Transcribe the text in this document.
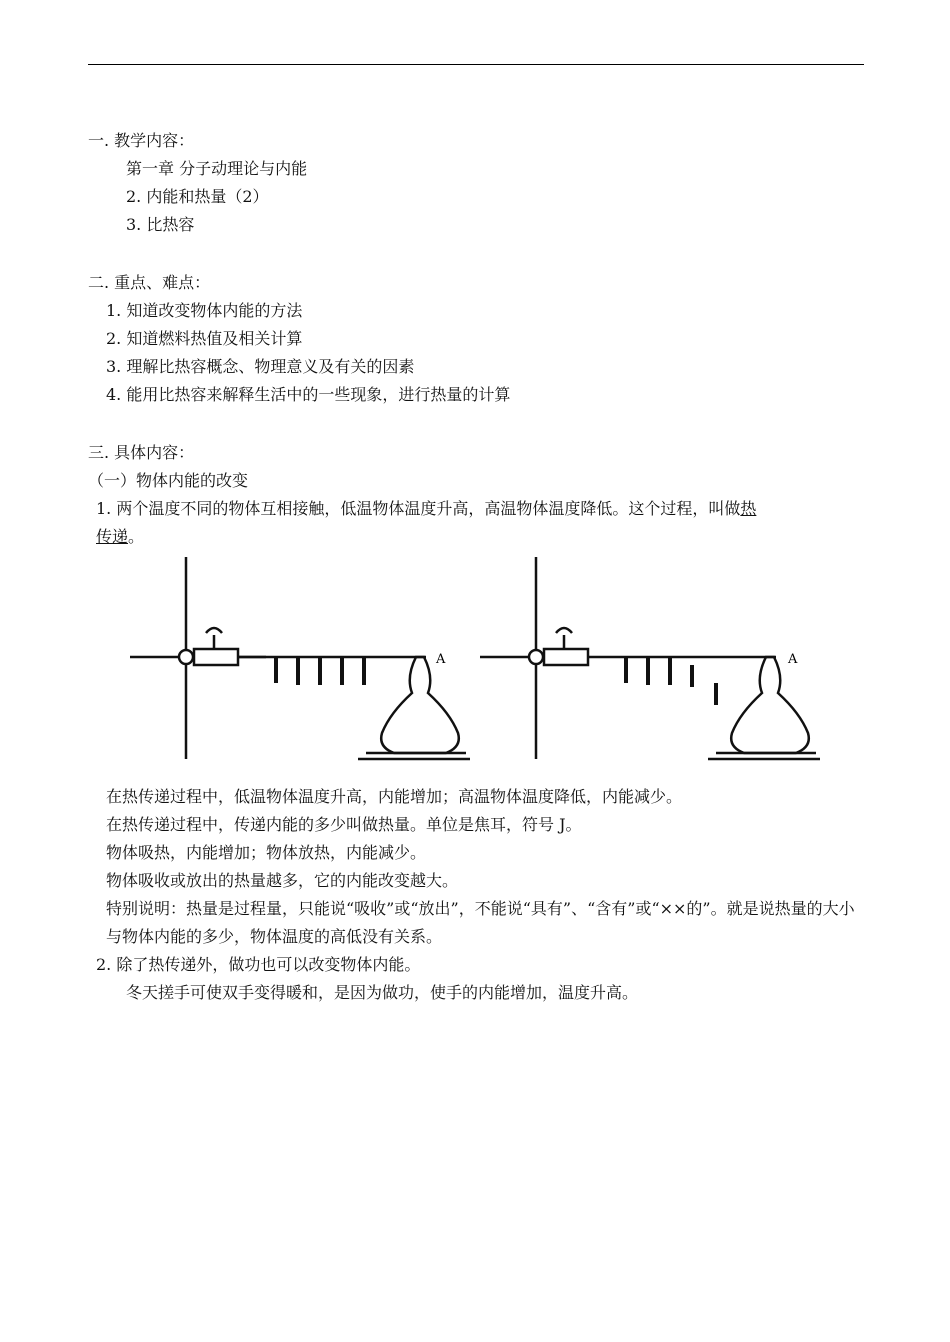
一. 教学内容：

第一章 分子动理论与内能

2. 内能和热量（2）

3. 比热容

二. 重点、难点：

1. 知道改变物体内能的方法

2. 知道燃料热值及相关计算

3. 理解比热容概念、物理意义及有关的因素

4. 能用比热容来解释生活中的一些现象，进行热量的计算

三. 具体内容：

（一）物体内能的改变

1. 两个温度不同的物体互相接触，低温物体温度升高，高温物体温度降低。这个过程，叫做热
传递。

A	A

在热传递过程中，低温物体温度升高，内能增加；高温物体温度降低，内能减少。

在热传递过程中，传递内能的多少叫做热量。单位是焦耳，符号 J。

物体吸热，内能增加；物体放热，内能减少。

物体吸收或放出的热量越多，它的内能改变越大。

特别说明：热量是过程量，只能说“吸收”或“放出”，不能说“具有”、“含有”或“××的”。就是说热量的大小与物体内能的多少，物体温度的高低没有关系。

2. 除了热传递外，做功也可以改变物体内能。

冬天搓手可使双手变得暖和，是因为做功，使手的内能增加，温度升高。
